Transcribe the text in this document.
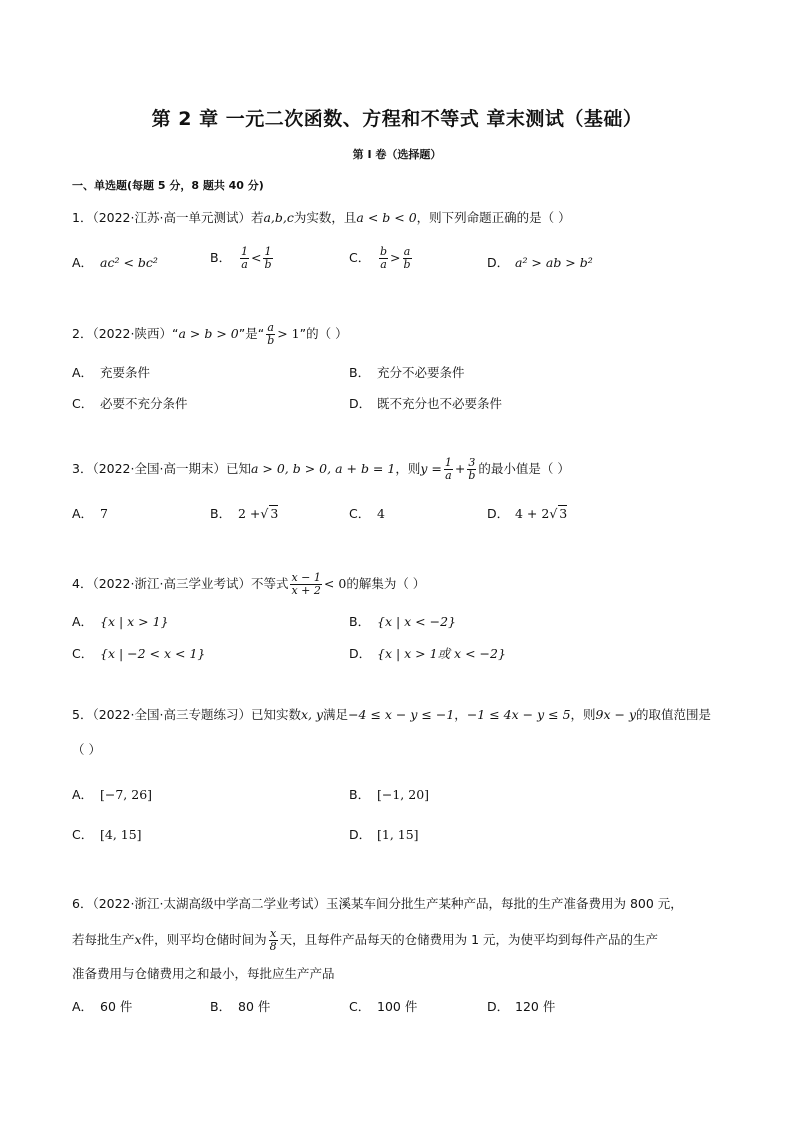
第 2 章 一元二次函数、方程和不等式 章末测试（基础）
第 I 卷（选择题）
一、单选题(每题 5 分，8 题共 40 分)
1．（2022·江苏·高一单元测试）若a,b,c为实数，且a < b < 0，则下列命题正确的是（ ）
A． ac² < bc²	B． $\frac{1}{a} < \frac{1}{b}$	C． $\frac{b}{a} > \frac{a}{b}$	D． a² > ab > b²
2．（2022·陕西）“a > b > 0”是“ $\frac{a}{b} > 1$”的（ ）
A． 充要条件	B． 充分不必要条件
C． 必要不充分条件	D． 既不充分也不必要条件
3．（2022·全国·高一期末）已知a > 0, b > 0, a + b = 1，则$y = \frac{1}{a} + \frac{3}{b}$ 的最小值是（ ）
A． 7	B． 2 +√ 3	C． 4	D． 4 + 2√ 3
4．（2022·浙江·高三学业考试）不等式 $\frac{x - 1}{x + 2} < 0$的解集为（ ）
A． {x | x > 1}	B． {x | x < −2}
C． {x | −2 < x < 1}	D． {x | x > 1或 x < −2}
5．（2022·全国·高三专题练习）已知实数x, y满足−4 ≤ x − y ≤ −1，−1 ≤ 4x − y ≤ 5，则9x − y的取值范围是
（ ）
A． [−7, 26]	B． [−1, 20]
C． [4, 15]	D． [1, 15]
6．（2022·浙江·太湖高级中学高二学业考试）玉溪某车间分批生产某种产品，每批的生产准备费用为 800 元，
若每批生产x件，则平均仓储时间为 $\frac{x}{8}$ 天，且每件产品每天的仓储费用为 1 元，为使平均到每件产品的生产
准备费用与仓储费用之和最小，每批应生产产品
A． 60 件	B． 80 件	C． 100 件	D． 120 件
